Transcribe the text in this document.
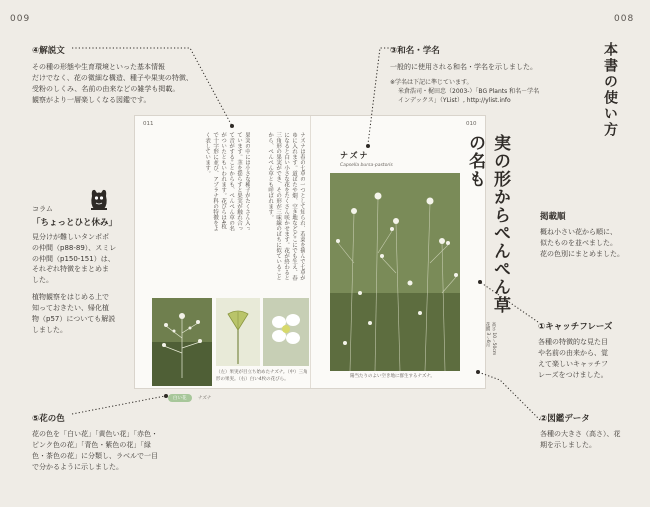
009	008
本書の使い方
④解説文
その種の形態や生育環境といった基本情報
だけでなく、花の微細な構造、種子や果実の特徴、
受粉のしくみ、名前の由来などの雑学も掲載。
観察がより一層楽しくなる図鑑です。
③和名・学名
一般的に使用される和名・学名を示しました。
※学名は下記に準じています。
米倉浩司・梶田忠（2003-）「BG Plants 和名－学名
インデックス」（YList）, http://ylist.info
掲載順
概ね小さい花から順に、
似たものを並べました。
花の色別にまとめました。
コラム
「ちょっとひと休み」
見分けが難しいタンポポ
の仲間（p88-89）、スミレ
の仲間（p150-151）は、
それぞれ特徴をまとめま
した。
植物観察をはじめる上で
知っておきたい、帰化植
物（p57）についても解説
しました。	①キャッチフレーズ
各種の特徴的な見た目
や名前の由来から、覚
えて楽しいキャッチフ
レーズをつけました。
⑤花の色
花の色を「白い花」「黄色い花」「赤色・
ピンク色の花」「青色・紫色の花」「緑
色・茶色の花」に分類し、ラベルで一目
で分かるように示しました。
②図鑑データ
各種の大きさ（高さ）、花
期を示しました。
011	010
ナズナは春の七草の一つとして知られ、若菜を摘んで七草がゆに入れます。道ばたや畑、空き地などどこにでも生え、春になると白い小さな花をたくさん咲かせます。花が終わると三角形の果実ができ、その形が三味線のばちに似ていることから、ぺんぺん草とも呼ばれます。
果実の中には小さな種子がたくさん入っています。茎を揺らすと果実が触れ合って音がすることからも、ぺんぺん草の名がついたともいわれます。花びらは4枚で十字形に並び、アブラナ科の特徴をよく表しています。
（左）果実が目立ち始めたナズナ。（中）三角形の果実。（右）白い4枚の花びら。
白い花	ナズナ
ナズナ
Capsella bursa-pastoris
陽当たりのよい空き地に群生するナズナ。
実の形からぺんぺん草の名も
高さ 10～50cm
花期 3～6月
